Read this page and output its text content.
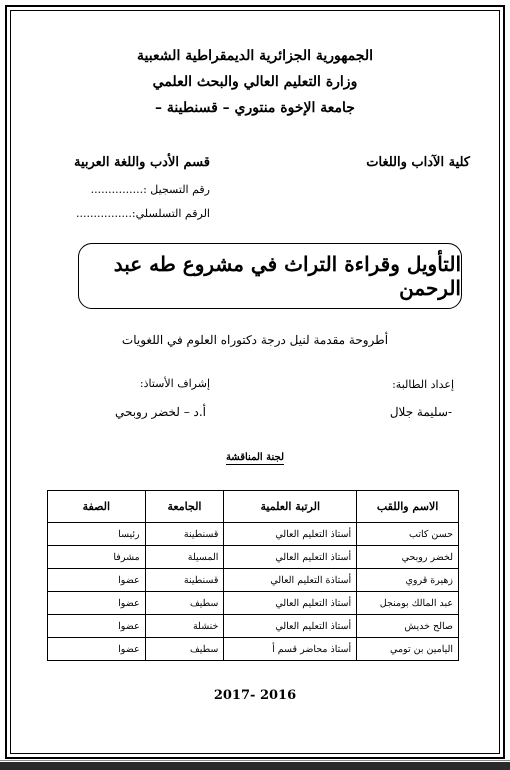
الجمهورية الجزائرية الديمقراطية الشعبية
وزارة التعليم العالي والبحث العلمي
جامعة الإخوة منتوري – قسنطينة –
كلية الآداب واللغات
قسم الأدب واللغة العربية
رقم التسجيل :...............
الرقم التسلسلي:................
التأويل وقراءة التراث في مشروع طه عبد الرحمن
أطروحة مقدمة لنيل درجة دكتوراه العلوم في اللغويات
إعداد الطالبة:
-سليمة جلال
إشراف الأستاذ:
أ.د – لخضر روبحي
لجنة المناقشة
الاسم واللقب	الرتبة العلمية	الجامعة	الصفة
حسن كاتب	أستاذ التعليم العالي	قسنطينة	رئيسا
لخضر روبحي	أستاذ التعليم العالي	المسيلة	مشرفا
زهيرة قروي	أستاذة التعليم العالي	قسنطينة	عضوا
عبد المالك بومنجل	أستاذ التعليم العالي	سطيف	عضوا
صالح خديش	أستاذ التعليم العالي	خنشلة	عضوا
اليامين بن تومي	أستاذ محاضر قسم أ	سطيف	عضوا
2017- 2016
